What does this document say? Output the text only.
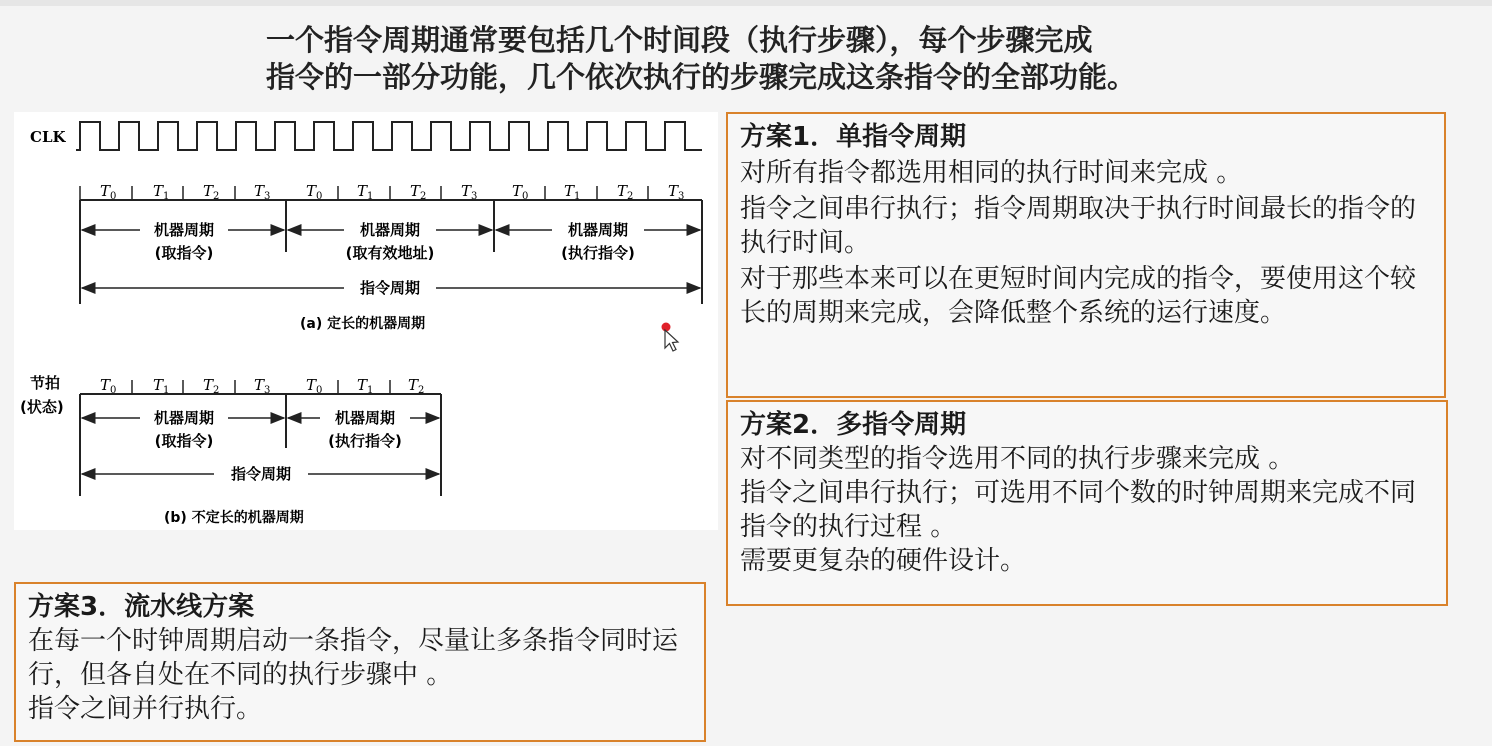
一个指令周期通常要包括几个时间段（执行步骤），每个步骤完成
指令的一部分功能，几个依次执行的步骤完成这条指令的全部功能。
CLK
$T_0$ $T_1$ $T_2$ $T_3$ $T_0$ $T_1$ $T_2$ $T_3$ $T_0$ $T_1$ $T_2$ $T_3$
机器周期
(取指令)
机器周期
(取有效地址)
机器周期
(执行指令)
指令周期
(a) 定长的机器周期
节拍
(状态)
$T_0$ $T_1$ $T_2$ $T_3$ $T_0$ $T_1$ $T_2$
机器周期
(取指令)
机器周期
(执行指令)
指令周期
(b) 不定长的机器周期
方案1．单指令周期

对所有指令都选用相同的执行时间来完成 。

指令之间串行执行；指令周期取决于执行时间最长的指令的执行时间。

对于那些本来可以在更短时间内完成的指令，要使用这个较长的周期来完成，会降低整个系统的运行速度。

方案2．多指令周期

对不同类型的指令选用不同的执行步骤来完成 。

指令之间串行执行；可选用不同个数的时钟周期来完成不同指令的执行过程 。

需要更复杂的硬件设计。

方案3．流水线方案

在每一个时钟周期启动一条指令，尽量让多条指令同时运行，但各自处在不同的执行步骤中 。

指令之间并行执行。
